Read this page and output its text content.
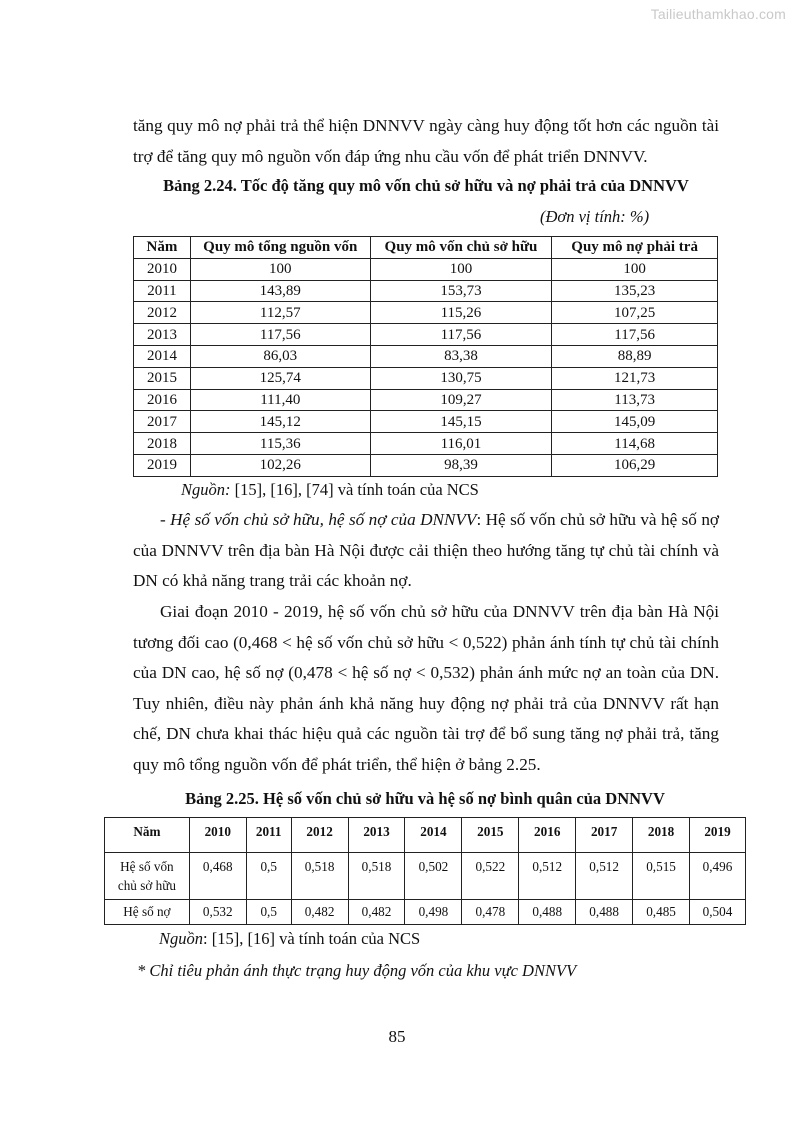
Tailieuthamkhao.com
tăng quy mô nợ phải trả thể hiện DNNVV ngày càng huy động tốt hơn các nguồn tài trợ để tăng quy mô nguồn vốn đáp ứng nhu cầu vốn để phát triển DNNVV.
Bảng 2.24. Tốc độ tăng quy mô vốn chủ sở hữu và nợ phải trả của DNNVV
(Đơn vị tính: %)
Năm	Quy mô tổng nguồn vốn	Quy mô vốn chủ sở hữu	Quy mô nợ phải trả
2010	100	100	100
2011	143,89	153,73	135,23
2012	112,57	115,26	107,25
2013	117,56	117,56	117,56
2014	86,03	83,38	88,89
2015	125,74	130,75	121,73
2016	111,40	109,27	113,73
2017	145,12	145,15	145,09
2018	115,36	116,01	114,68
2019	102,26	98,39	106,29
Nguồn: [15], [16], [74] và tính toán của NCS
- Hệ số vốn chủ sở hữu, hệ số nợ của DNNVV: Hệ số vốn chủ sở hữu và hệ số nợ của DNNVV trên địa bàn Hà Nội được cải thiện theo hướng tăng tự chủ tài chính và DN có khả năng trang trải các khoản nợ.
Giai đoạn 2010 - 2019, hệ số vốn chủ sở hữu của DNNVV trên địa bàn Hà Nội tương đối cao (0,468 < hệ số vốn chủ sở hữu < 0,522) phản ánh tính tự chủ tài chính của DN cao, hệ số nợ (0,478 < hệ số nợ < 0,532) phản ánh mức nợ an toàn của DN. Tuy nhiên, điều này phản ánh khả năng huy động nợ phải trả của DNNVV rất hạn chế, DN chưa khai thác hiệu quả các nguồn tài trợ để bổ sung tăng nợ phải trả, tăng quy mô tổng nguồn vốn để phát triển, thể hiện ở bảng 2.25.
Bảng 2.25. Hệ số vốn chủ sở hữu và hệ số nợ bình quân của DNNVV
Năm	2010	2011	2012	2013	2014	2015	2016	2017	2018	2019
Hệ số vốn
chủ sở hữu	0,468	0,5	0,518	0,518	0,502	0,522	0,512	0,512	0,515	0,496
Hệ số nợ	0,532	0,5	0,482	0,482	0,498	0,478	0,488	0,488	0,485	0,504
Nguồn: [15], [16] và tính toán của NCS
* Chỉ tiêu phản ánh thực trạng huy động vốn của khu vực DNNVV
85
